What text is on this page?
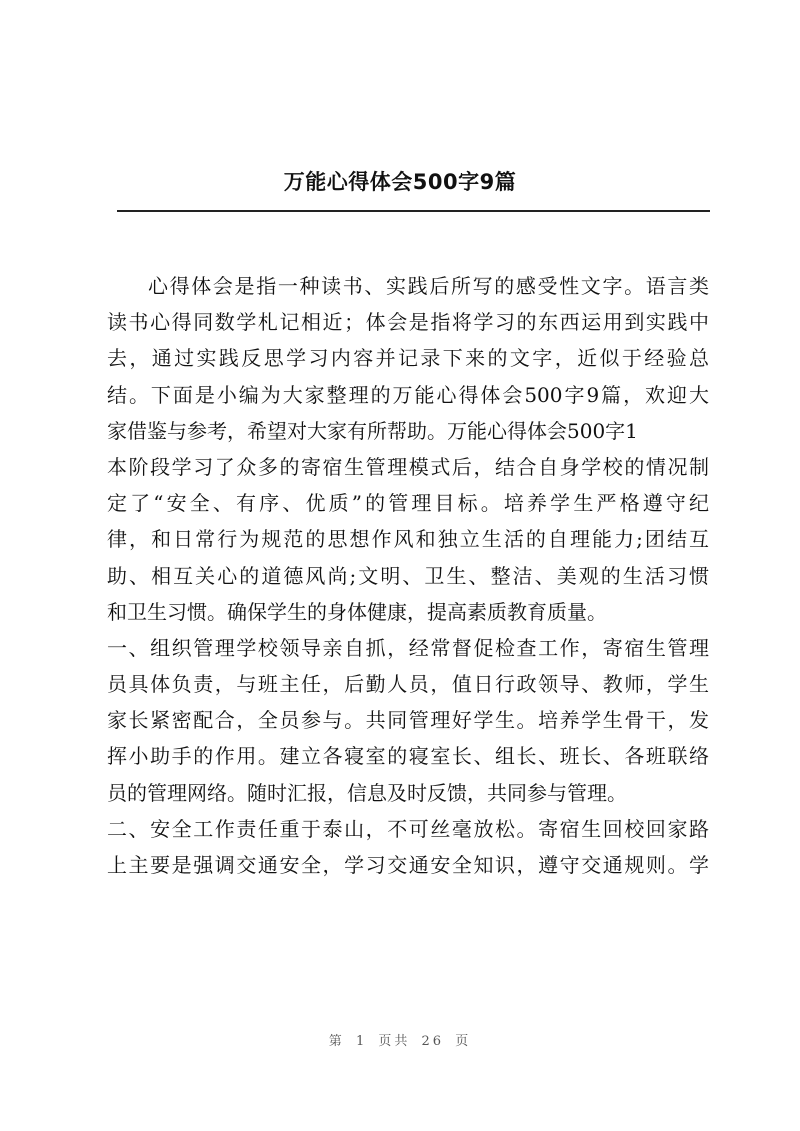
万能心得体会500字9篇
心得体会是指一种读书、实践后所写的感受性文字。语言类
读书心得同数学札记相近；体会是指将学习的东西运用到实践中
去，通过实践反思学习内容并记录下来的文字，近似于经验总
结。下面是小编为大家整理的万能心得体会500字9篇，欢迎大
家借鉴与参考，希望对大家有所帮助。万能心得体会500字1
本阶段学习了众多的寄宿生管理模式后，结合自身学校的情况制
定了“安全、有序、优质”的管理目标。培养学生严格遵守纪
律，和日常行为规范的思想作风和独立生活的自理能力;团结互
助、相互关心的道德风尚;文明、卫生、整洁、美观的生活习惯
和卫生习惯。确保学生的身体健康，提高素质教育质量。
一、组织管理学校领导亲自抓，经常督促检查工作，寄宿生管理
员具体负责，与班主任，后勤人员，值日行政领导、教师，学生
家长紧密配合，全员参与。共同管理好学生。培养学生骨干，发
挥小助手的作用。建立各寝室的寝室长、组长、班长、各班联络
员的管理网络。随时汇报，信息及时反馈，共同参与管理。
二、安全工作责任重于泰山，不可丝毫放松。寄宿生回校回家路
上主要是强调交通安全，学习交通安全知识，遵守交通规则。学
第 1 页共 26 页
